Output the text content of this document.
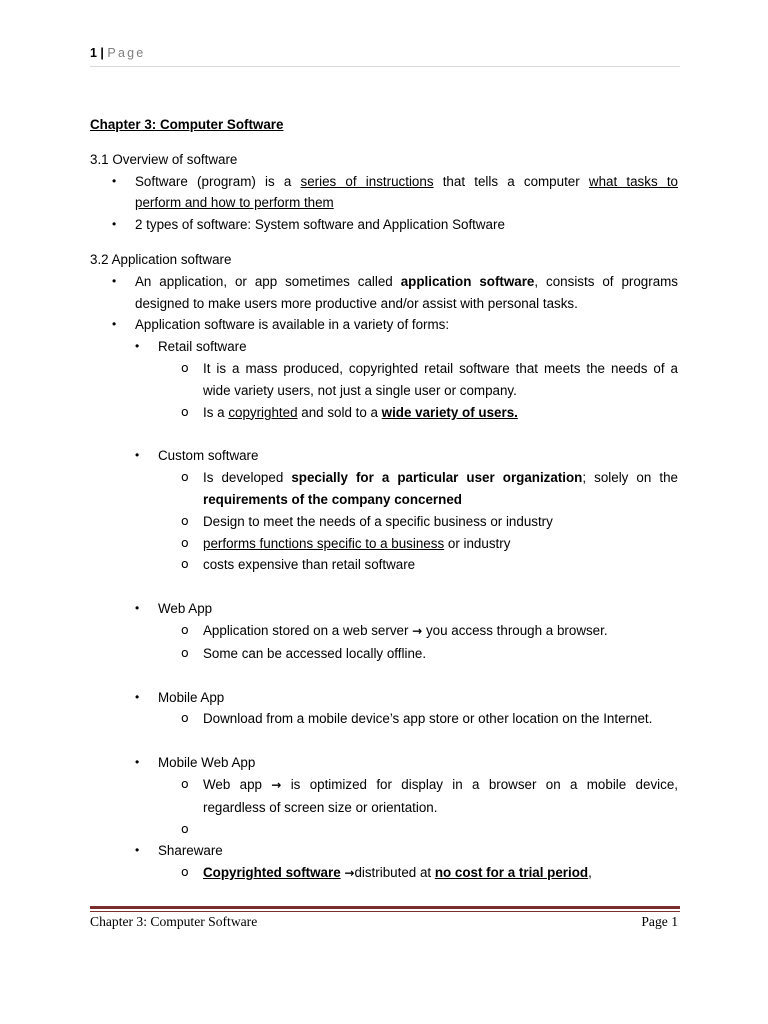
1 | Page
Chapter 3: Computer Software
3.1 Overview of software
• Software (program) is a series of instructions that tells a computer what tasks to
perform and how to perform them
• 2 types of software: System software and Application Software
3.2 Application software
• An application, or app sometimes called application software, consists of programs
designed to make users more productive and/or assist with personal tasks.
• Application software is available in a variety of forms:
• Retail software
o It is a mass produced, copyrighted retail software that meets the needs of a
wide variety users, not just a single user or company.
o Is a copyrighted and sold to a wide variety of users.
• Custom software
o Is developed specially for a particular user organization; solely on the
requirements of the company concerned
o Design to meet the needs of a specific business or industry
o performs functions specific to a business or industry
o costs expensive than retail software
• Web App
o Application stored on a web server → you access through a browser.
o Some can be accessed locally offline.
• Mobile App
o Download from a mobile device’s app store or other location on the Internet.
• Mobile Web App
o Web app → is optimized for display in a browser on a mobile device,
regardless of screen size or orientation.
o

• Shareware
o Copyrighted software →distributed at no cost for a trial period,
Chapter 3: Computer Software	Page 1
